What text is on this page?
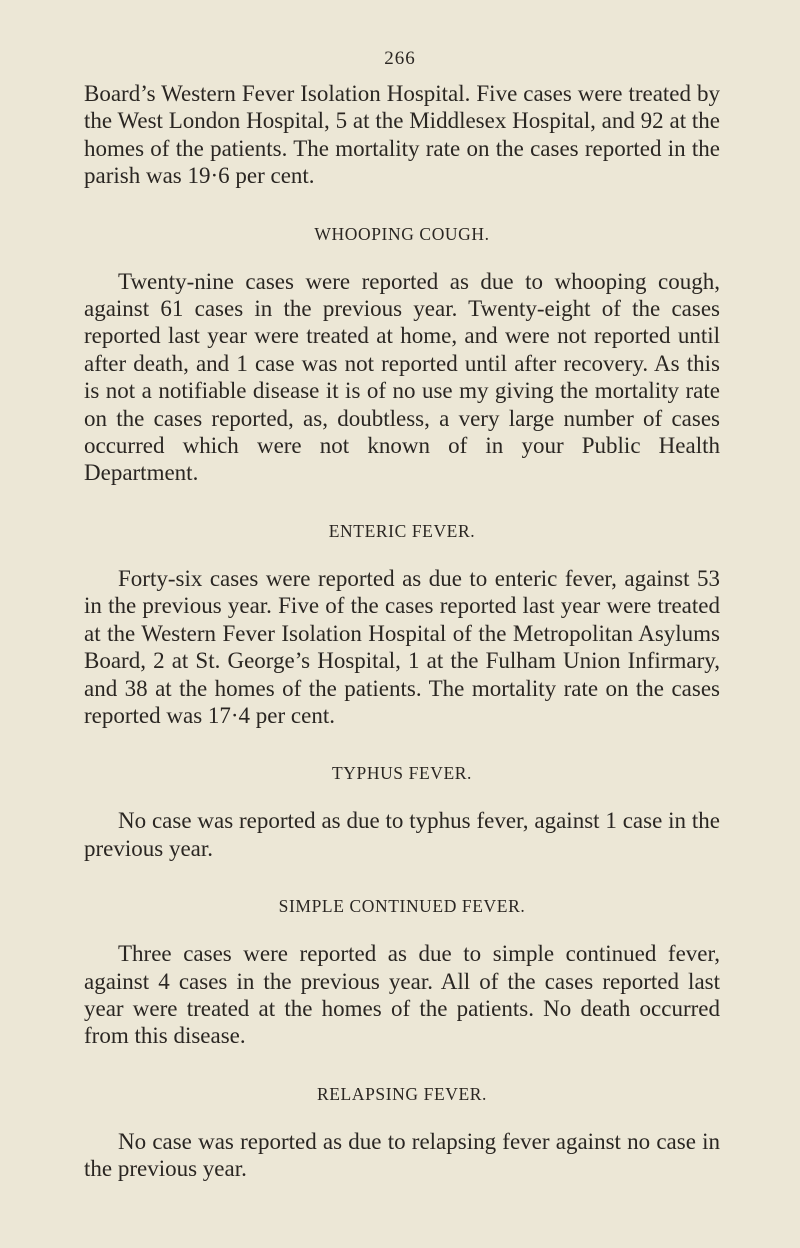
266

Board’s Western Fever Isolation Hospital. Five cases were treated by the West London Hospital, 5 at the Middlesex Hospital, and 92 at the homes of the patients. The mortality rate on the cases reported in the parish was 19·6 per cent.

WHOOPING COUGH.

Twenty-nine cases were reported as due to whooping cough, against 61 cases in the previous year. Twenty-eight of the cases reported last year were treated at home, and were not reported until after death, and 1 case was not reported until after recovery. As this is not a notifiable disease it is of no use my giving the mortality rate on the cases reported, as, doubtless, a very large number of cases occurred which were not known of in your Public Health Department.

ENTERIC FEVER.

Forty-six cases were reported as due to enteric fever, against 53 in the previous year. Five of the cases reported last year were treated at the Western Fever Isolation Hospital of the Metropolitan Asylums Board, 2 at St. George’s Hospital, 1 at the Fulham Union Infirmary, and 38 at the homes of the patients. The mortality rate on the cases reported was 17·4 per cent.

TYPHUS FEVER.

No case was reported as due to typhus fever, against 1 case in the previous year.

SIMPLE CONTINUED FEVER.

Three cases were reported as due to simple continued fever, against 4 cases in the previous year. All of the cases reported last year were treated at the homes of the patients. No death occurred from this disease.

RELAPSING FEVER.

No case was reported as due to relapsing fever against no case in the previous year.
